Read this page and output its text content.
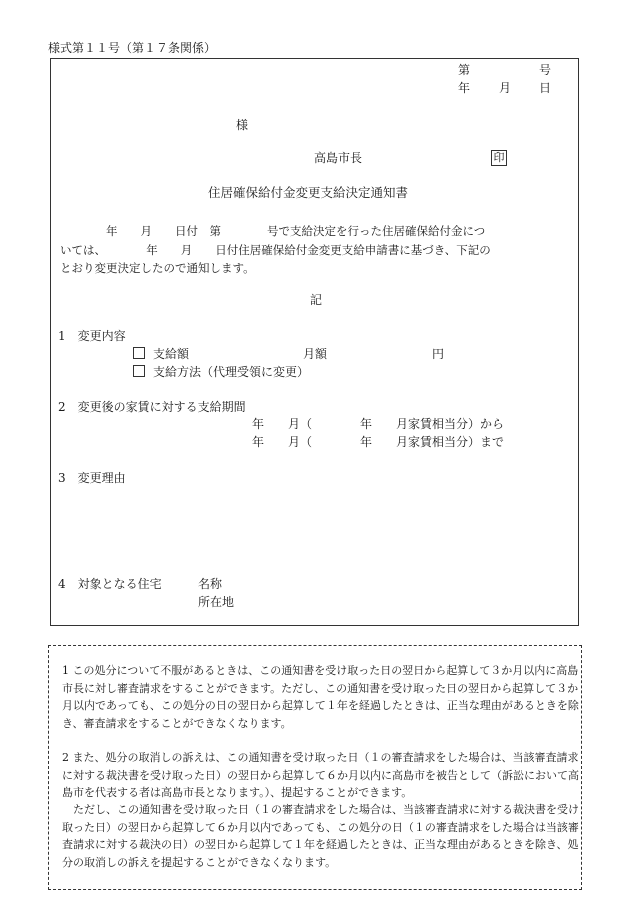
様式第１１号（第１７条関係）
第	号
年 月 日
様
高島市長	印
住居確保給付金変更支給決定通知書
　　　　年　　月　　日付　第　　　　号で支給決定を行った住居確保給付金につ
いては、　　　　年　　月　　日付住居確保給付金変更支給申請書に基づき、下記の
とおり変更決定したので通知します。
記
1　変更内容
支給額	月額	円
支給方法（代理受領に変更）
2　変更後の家賃に対する支給期間
年　　月（　　　　年　　月家賃相当分）から
年　　月（　　　　年　　月家賃相当分）まで
3　変更理由
4　対象となる住宅	名称
所在地
1 この処分について不服があるときは、この通知書を受け取った日の翌日から起算して３か月以内に高島市長に対し審査請求をすることができます。ただし、この通知書を受け取った日の翌日から起算して３か月以内であっても、この処分の日の翌日から起算して１年を経過したときは、正当な理由があるときを除き、審査請求をすることができなくなります。
2 また、処分の取消しの訴えは、この通知書を受け取った日（１の審査請求をした場合は、当該審査請求に対する裁決書を受け取った日）の翌日から起算して６か月以内に高島市を被告として（訴訟において高島市を代表する者は高島市長となります。）、提起することができます。
ただし、この通知書を受け取った日（１の審査請求をした場合は、当該審査請求に対する裁決書を受け取った日）の翌日から起算して６か月以内であっても、この処分の日（１の審査請求をした場合は当該審査請求に対する裁決の日）の翌日から起算して１年を経過したときは、正当な理由があるときを除き、処分の取消しの訴えを提起することができなくなります。
